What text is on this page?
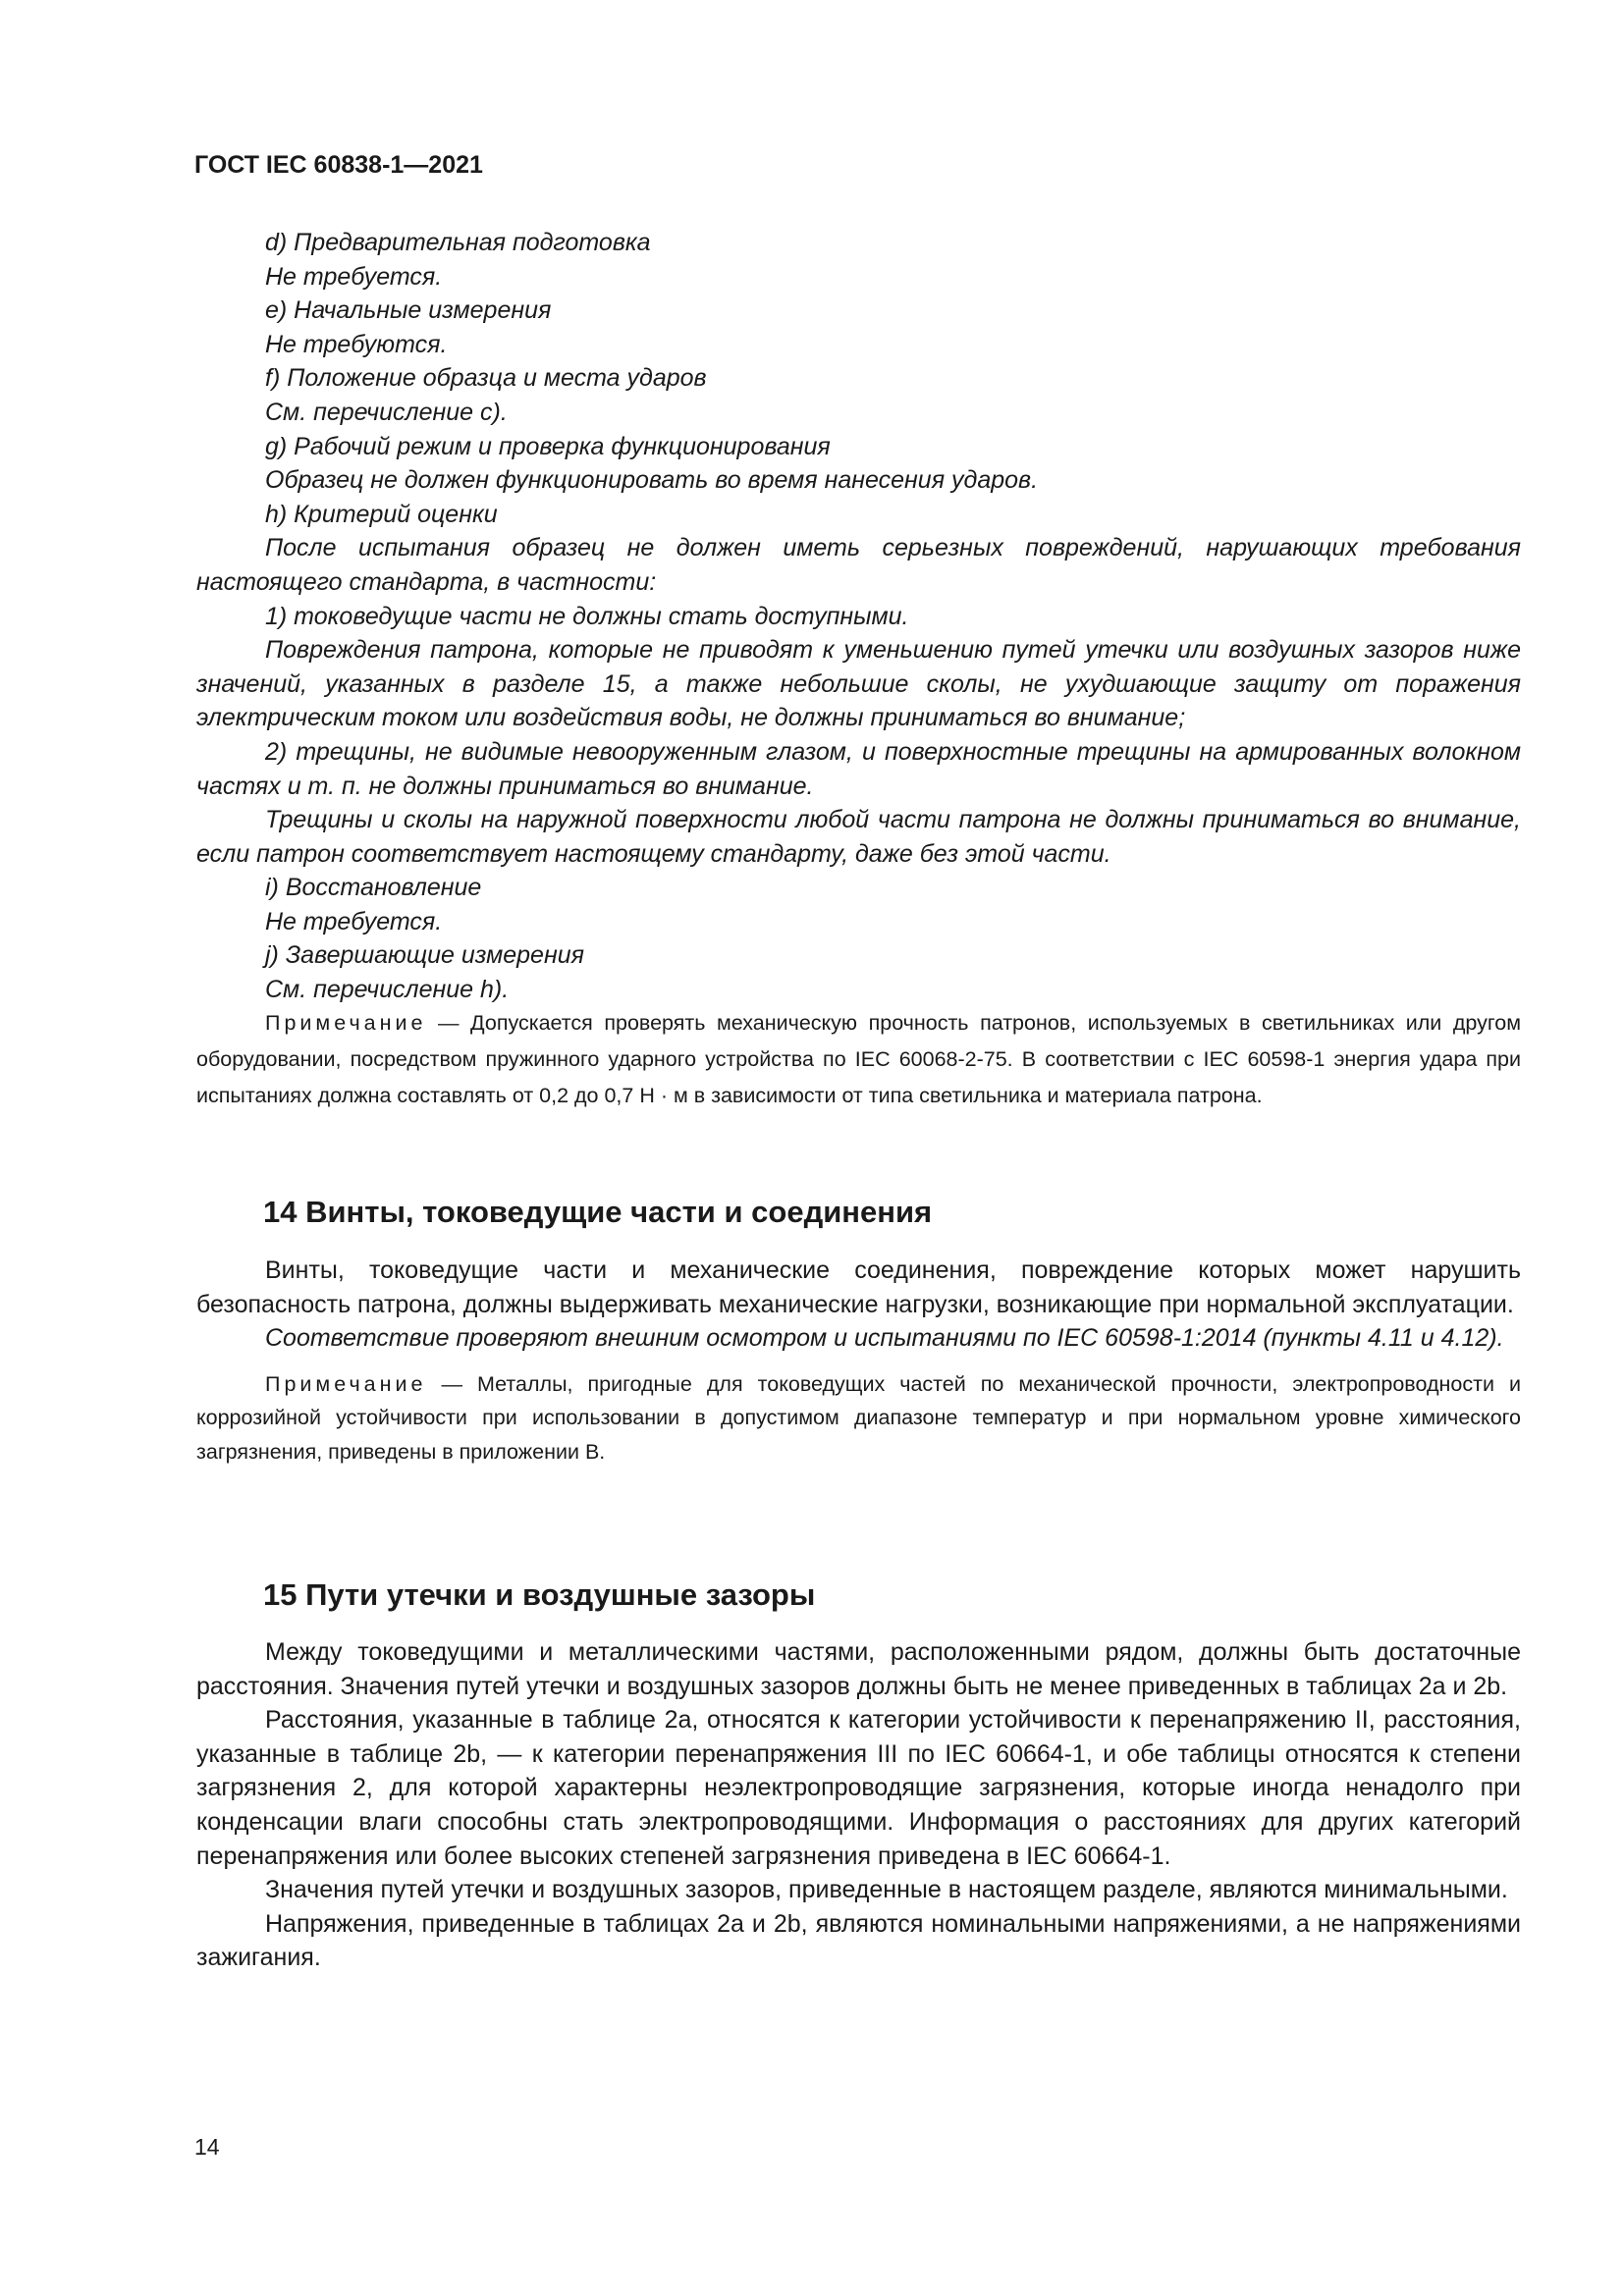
ГОСТ IEC 60838-1—2021

d) Предварительная подготовка

Не требуется.

e) Начальные измерения

Не требуются.

f) Положение образца и места ударов

См. перечисление c).

g) Рабочий режим и проверка функционирования

Образец не должен функционировать во время нанесения ударов.

h) Критерий оценки

После испытания образец не должен иметь серьезных повреждений, нарушающих требования настоящего стандарта, в частности:

1) токоведущие части не должны стать доступными.

Повреждения патрона, которые не приводят к уменьшению путей утечки или воздушных зазоров ниже значений, указанных в разделе 15, а также небольшие сколы, не ухудшающие защиту от поражения электрическим током или воздействия воды, не должны приниматься во внимание;

2) трещины, не видимые невооруженным глазом, и поверхностные трещины на армированных волокном частях и т. п. не должны приниматься во внимание.

Трещины и сколы на наружной поверхности любой части патрона не должны приниматься во внимание, если патрон соответствует настоящему стандарту, даже без этой части.

i) Восстановление

Не требуется.

j) Завершающие измерения

См. перечисление h).

Примечание — Допускается проверять механическую прочность патронов, используемых в светильниках или другом оборудовании, посредством пружинного ударного устройства по IEC 60068-2-75. В соответствии с IEC 60598-1 энергия удара при испытаниях должна составлять от 0,2 до 0,7 Н · м в зависимости от типа светильника и материала патрона.

14 Винты, токоведущие части и соединения

Винты, токоведущие части и механические соединения, повреждение которых может нарушить безопасность патрона, должны выдерживать механические нагрузки, возникающие при нормальной эксплуатации.

Соответствие проверяют внешним осмотром и испытаниями по IEC 60598-1:2014 (пункты 4.11 и 4.12).

Примечание — Металлы, пригодные для токоведущих частей по механической прочности, электропроводности и коррозийной устойчивости при использовании в допустимом диапазоне температур и при нормальном уровне химического загрязнения, приведены в приложении B.

15 Пути утечки и воздушные зазоры

Между токоведущими и металлическими частями, расположенными рядом, должны быть достаточные расстояния. Значения путей утечки и воздушных зазоров должны быть не менее приведенных в таблицах 2a и 2b.

Расстояния, указанные в таблице 2a, относятся к категории устойчивости к перенапряжению II, расстояния, указанные в таблице 2b, — к категории перенапряжения III по IEC 60664-1, и обе таблицы относятся к степени загрязнения 2, для которой характерны неэлектропроводящие загрязнения, которые иногда ненадолго при конденсации влаги способны стать электропроводящими. Информация о расстояниях для других категорий перенапряжения или более высоких степеней загрязнения приведена в IEC 60664-1.

Значения путей утечки и воздушных зазоров, приведенные в настоящем разделе, являются минимальными.

Напряжения, приведенные в таблицах 2a и 2b, являются номинальными напряжениями, а не напряжениями зажигания.

14
